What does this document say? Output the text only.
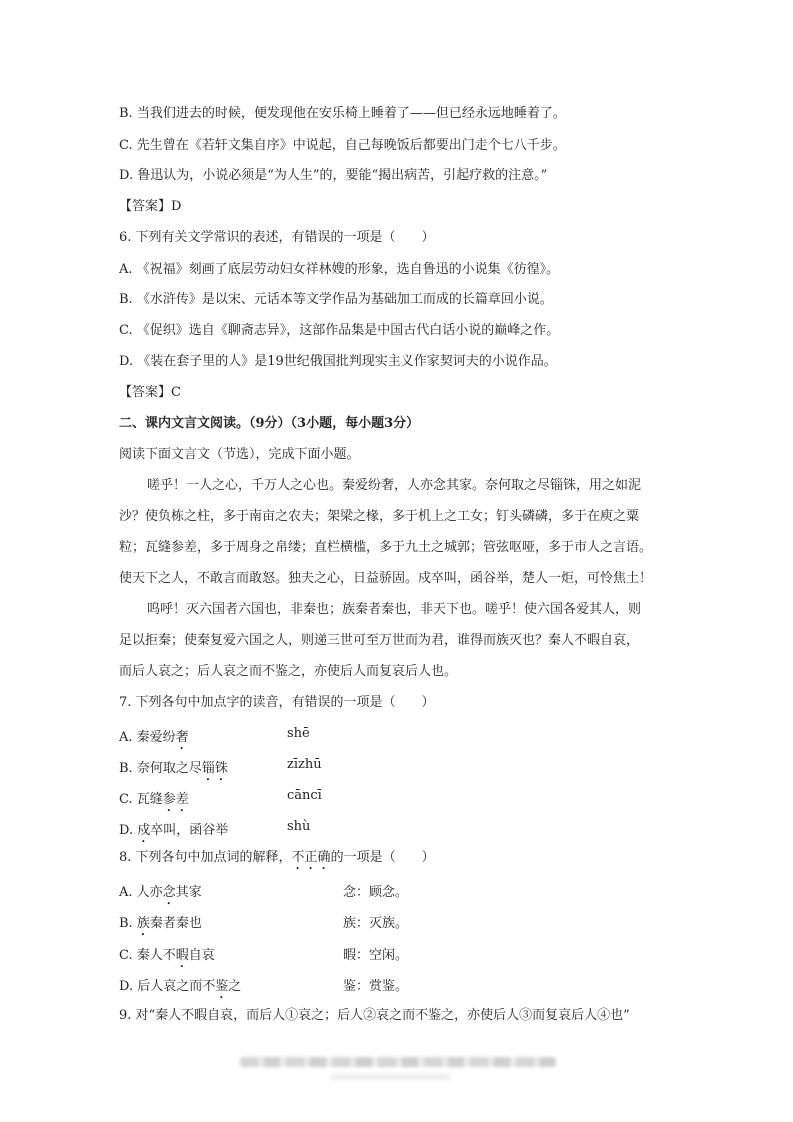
B. 当我们进去的时候，便发现他在安乐椅上睡着了——但已经永远地睡着了。
C. 先生曾在《若轩文集自序》中说起，自己每晚饭后都要出门走个七八千步。
D. 鲁迅认为，小说必须是“为人生”的，要能“揭出病苦，引起疗救的注意。”
【答案】D
6. 下列有关文学常识的表述，有错误的一项是（　　）
A. 《祝福》刻画了底层劳动妇女祥林嫂的形象，选自鲁迅的小说集《彷徨》。
B. 《水浒传》是以宋、元话本等文学作品为基础加工而成的长篇章回小说。
C. 《促织》选自《聊斋志异》，这部作品集是中国古代白话小说的巅峰之作。
D. 《装在套子里的人》是19世纪俄国批判现实主义作家契诃夫的小说作品。
【答案】C
二、课内文言文阅读。（9分）（3小题，每小题3分）
阅读下面文言文（节选），完成下面小题。
嗟乎！一人之心，千万人之心也。秦爱纷奢，人亦念其家。奈何取之尽锱铢，用之如泥
沙？使负栋之柱，多于南亩之农夫；架梁之椽，多于机上之工女；钉头磷磷，多于在庾之粟
粒；瓦缝参差，多于周身之帛缕；直栏横槛，多于九土之城郭；管弦呕哑，多于市人之言语。
使天下之人，不敢言而敢怒。独夫之心，日益骄固。戍卒叫，函谷举，楚人一炬，可怜焦土！
呜呼！灭六国者六国也，非秦也；族秦者秦也，非天下也。嗟乎！使六国各爱其人，则
足以拒秦；使秦复爱六国之人，则递三世可至万世而为君，谁得而族灭也？秦人不暇自哀，
而后人哀之；后人哀之而不鉴之，亦使后人而复哀后人也。
7. 下列各句中加点字的读音，有错误的一项是（　　）
A. 秦爱纷奢	shē
B. 奈何取之尽锱铢	zīzhū
C. 瓦缝参差	cāncī
D. 戍卒叫，函谷举	shù
8. 下列各句中加点词的解释，不正确的一项是（　　）
A. 人亦念其家	念：顾念。
B. 族秦者秦也	族：灭族。
C. 秦人不暇自哀	暇：空闲。
D. 后人哀之而不鉴之	鉴：赏鉴。
9. 对“秦人不暇自哀，而后人①哀之；后人②哀之而不鉴之，亦使后人③而复哀后人④也”
